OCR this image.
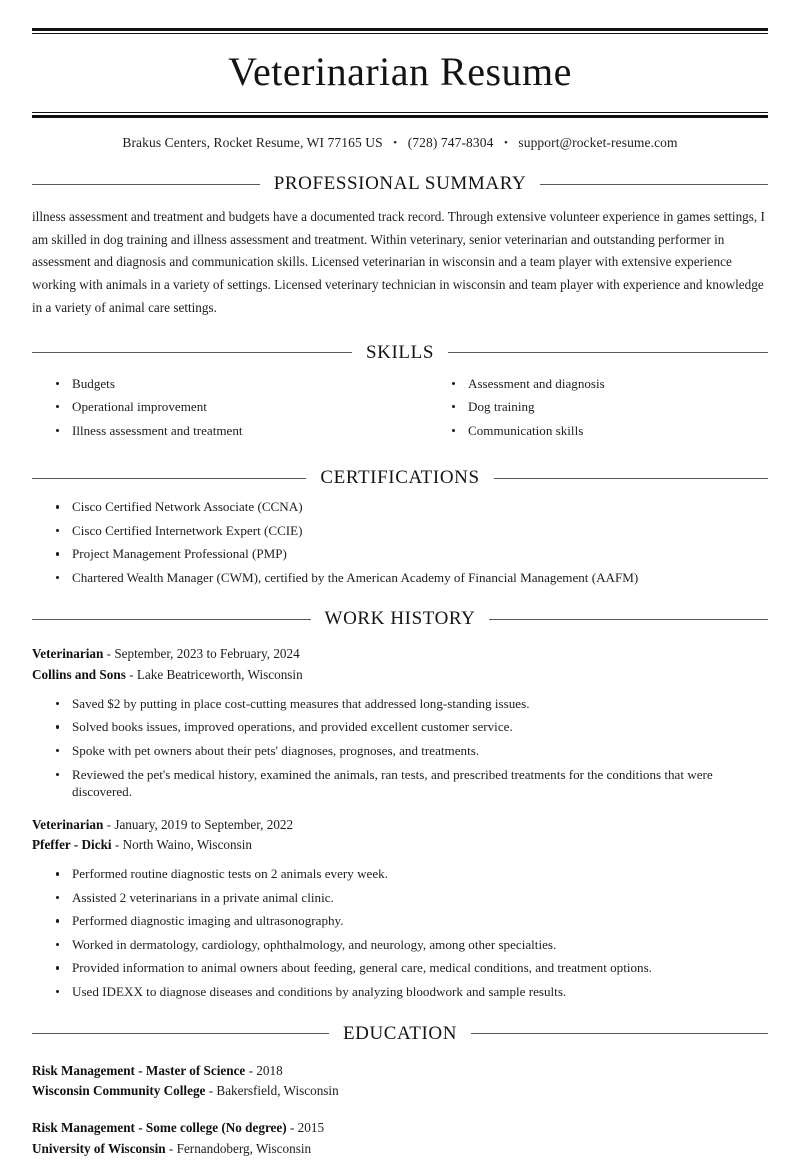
Veterinarian Resume
Brakus Centers, Rocket Resume, WI 77165 US • (728) 747-8304 • support@rocket-resume.com
PROFESSIONAL SUMMARY

illness assessment and treatment and budgets have a documented track record. Through extensive volunteer experience in games settings, I am skilled in dog training and illness assessment and treatment. Within veterinary, senior veterinarian and outstanding performer in assessment and diagnosis and communication skills. Licensed veterinarian in wisconsin and a team player with extensive experience working with animals in a variety of settings. Licensed veterinary technician in wisconsin and team player with experience and knowledge in a variety of animal care settings.

SKILLS
Budgets
Operational improvement
Illness assessment and treatment
Assessment and diagnosis
Dog training
Communication skills
CERTIFICATIONS
Cisco Certified Network Associate (CCNA)
Cisco Certified Internetwork Expert (CCIE)
Project Management Professional (PMP)
Chartered Wealth Manager (CWM), certified by the American Academy of Financial Management (AAFM)
WORK HISTORY
Veterinarian - September, 2023 to February, 2024
Collins and Sons - Lake Beatriceworth, Wisconsin
Saved $2 by putting in place cost-cutting measures that addressed long-standing issues.
Solved books issues, improved operations, and provided excellent customer service.
Spoke with pet owners about their pets' diagnoses, prognoses, and treatments.
Reviewed the pet's medical history, examined the animals, ran tests, and prescribed treatments for the conditions that were discovered.
Veterinarian - January, 2019 to September, 2022
Pfeffer - Dicki - North Waino, Wisconsin
Performed routine diagnostic tests on 2 animals every week.
Assisted 2 veterinarians in a private animal clinic.
Performed diagnostic imaging and ultrasonography.
Worked in dermatology, cardiology, ophthalmology, and neurology, among other specialties.
Provided information to animal owners about feeding, general care, medical conditions, and treatment options.
Used IDEXX to diagnose diseases and conditions by analyzing bloodwork and sample results.
EDUCATION
Risk Management - Master of Science - 2018
Wisconsin Community College - Bakersfield, Wisconsin
Risk Management - Some college (No degree) - 2015
University of Wisconsin - Fernandoberg, Wisconsin
